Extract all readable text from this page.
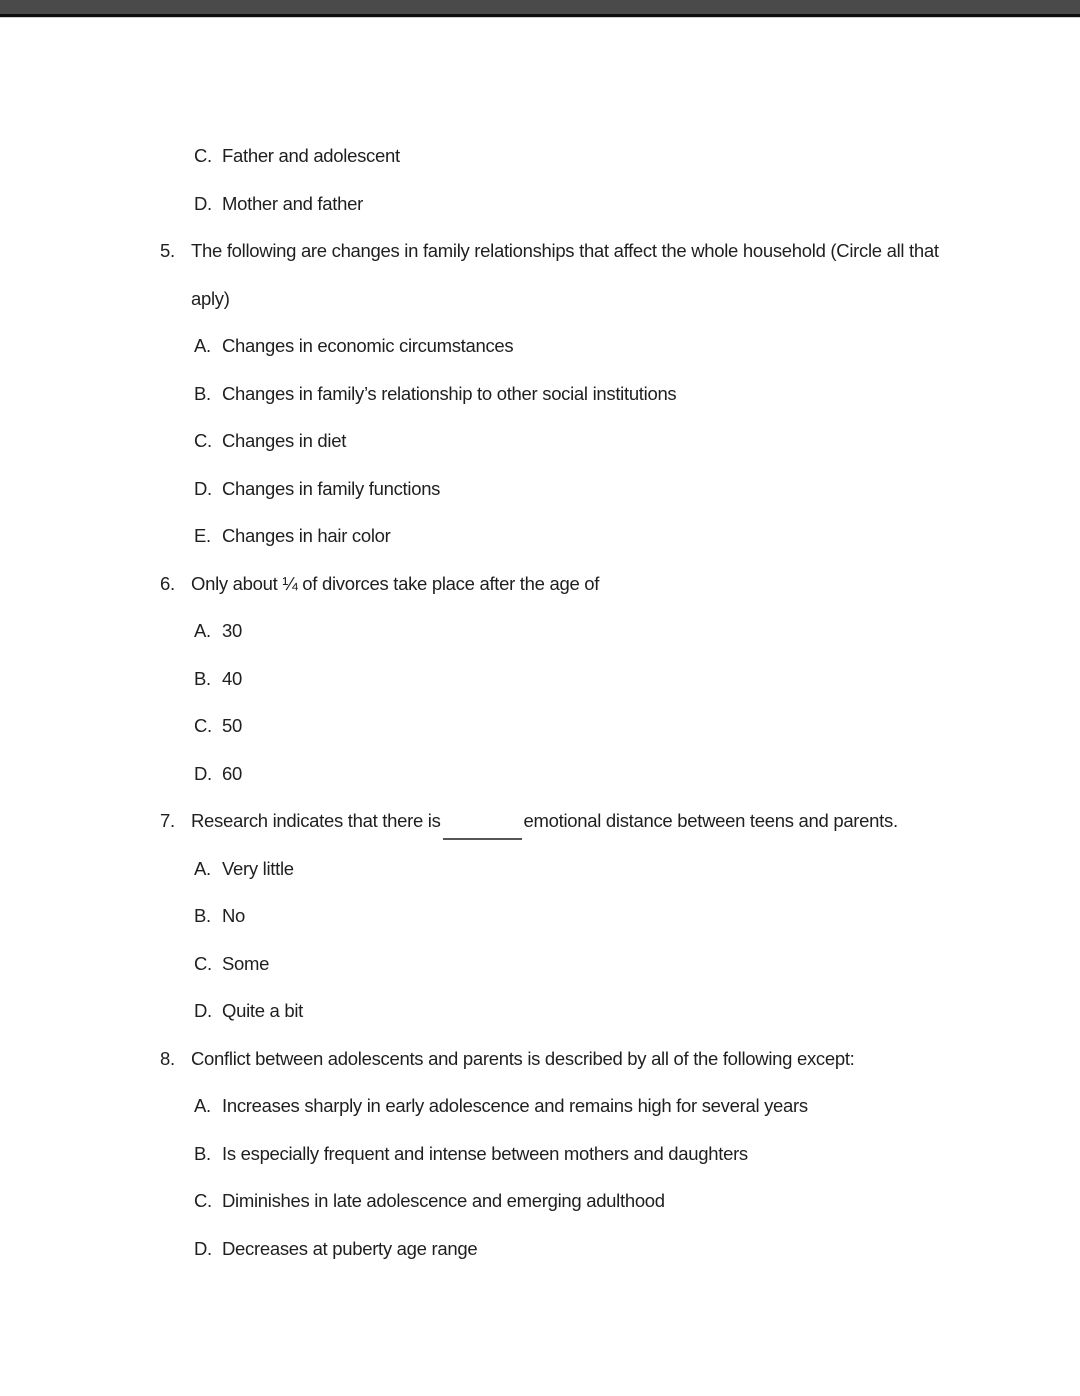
C. Father and adolescent
D. Mother and father
5. The following are changes in family relationships that affect the whole household (Circle all that
aply)
A. Changes in economic circumstances
B. Changes in family’s relationship to other social institutions
C. Changes in diet
D. Changes in family functions
E. Changes in hair color
6. Only about ¼ of divorces take place after the age of
A. 30
B. 40
C. 50
D. 60
7. Research indicates that there is	emotional distance between teens and parents.
A. Very little
B. No
C. Some
D. Quite a bit
8. Conflict between adolescents and parents is described by all of the following except:
A. Increases sharply in early adolescence and remains high for several years
B. Is especially frequent and intense between mothers and daughters
C. Diminishes in late adolescence and emerging adulthood
D. Decreases at puberty age range
